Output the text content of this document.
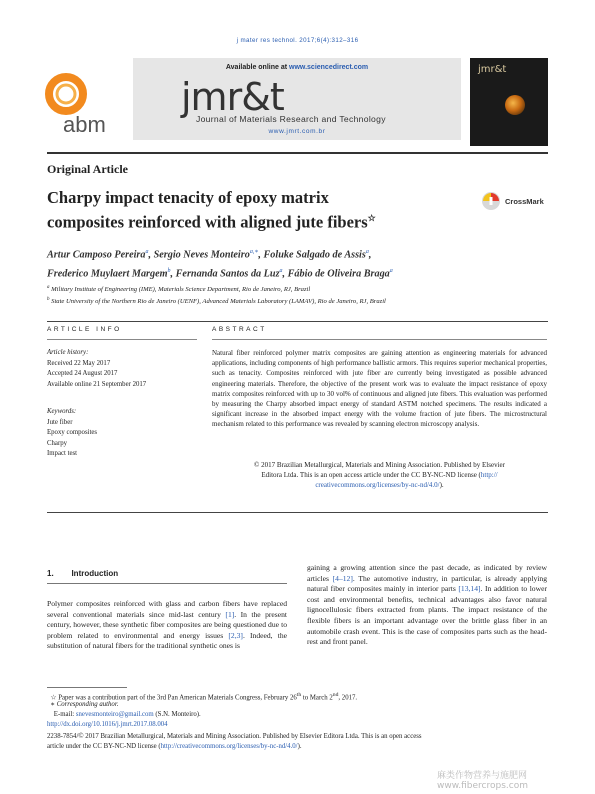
j mater res technol. 2017;6(4):312–316
abm
Available online at www.sciencedirect.com
jmr&t
Journal of Materials Research and Technology
www.jmrt.com.br
jmr&t
Original Article
Charpy impact tenacity of epoxy matrix
composites reinforced with aligned jute fibers☆
CrossMark
Artur Camposo Pereira$^a$, Sergio Neves Monteiro$^{a,∗}$, Foluke Salgado de Assis$^a$,
Frederico Muylaert Margem$^b$, Fernanda Santos da Luz$^a$, Fábio de Oliveira Braga$^a$
$^a$ Military Institute of Engineering (IME), Materials Science Department, Rio de Janeiro, RJ, Brazil
$^b$ State University of the Northern Rio de Janeiro (UENF), Advanced Materials Laboratory (LAMAV), Rio de Janeiro, RJ, Brazil
ARTICLE INFO	ABSTRACT
Article history:
Received 22 May 2017
Accepted 24 August 2017
Available online 21 September 2017
Keywords:
Jute fiber
Epoxy composites
Charpy
Impact test
Natural fiber reinforced polymer matrix composites are gaining attention as engineering materials for advanced applications, including components of high performance ballistic armors. This requires superior mechanical properties, such as tenacity. Composites reinforced with jute fiber are currently being investigated as possible advanced engineering materials. Therefore, the objective of the present work was to evaluate the impact resistance of epoxy matrix composites reinforced with up to 30 vol% of continuous and aligned jute fibers. This evaluation was performed by measuring the Charpy absorbed impact energy of standard ASTM notched specimens. The results indicated a significant increase in the absorbed impact energy with the volume fraction of jute fibers. The microstructural mechanism related to this performance was revealed by scanning electron microscopy analysis.
© 2017 Brazilian Metallurgical, Materials and Mining Association. Published by Elsevier
Editora Ltda. This is an open access article under the CC BY-NC-ND license (http://
creativecommons.org/licenses/by-nc-nd/4.0/).
1. Introduction
Polymer composites reinforced with glass and carbon fibers have replaced several conventional materials since mid-last century [1]. In the present century, however, these synthetic fiber composites are being questioned due to problem related to environmental and energy issues [2,3]. Indeed, the substitution of natural fibers for the traditional synthetic ones is
gaining a growing attention since the past decade, as indicated by review articles [4–12]. The automotive industry, in particular, is already applying natural fiber composites mainly in interior parts [13,14]. In addition to lower cost and environmental benefits, technical advantages also favor natural lignocellulosic fibers extracted from plants. The impact resistance of the flexible fibers is an important advantage over the brittle glass fiber in an automobile crash event. This is the case of composites parts such as the head-rest and front panel.
☆ Paper was a contribution part of the 3rd Pan American Materials Congress, February 26th to March 2nd, 2017.
∗ Corresponding author.
E-mail: snevesmonteiro@gmail.com (S.N. Monteiro).
http://dx.doi.org/10.1016/j.jmrt.2017.08.004
2238-7854/© 2017 Brazilian Metallurgical, Materials and Mining Association. Published by Elsevier Editora Ltda. This is an open access
article under the CC BY-NC-ND license (http://creativecommons.org/licenses/by-nc-nd/4.0/).
麻类作物营养与施肥网 www.fibercrops.com
